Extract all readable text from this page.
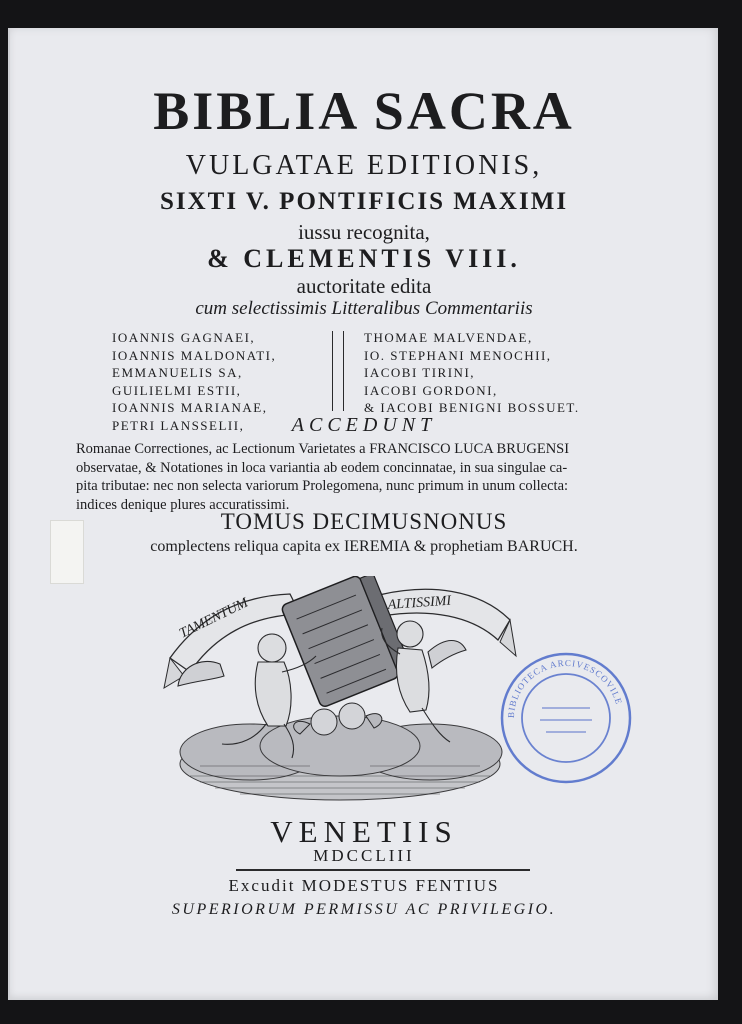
BIBLIA SACRA
VULGATAE EDITIONIS,
SIXTI V. PONTIFICIS MAXIMI
iussu recognita,
& CLEMENTIS VIII.
auctoritate edita
cum selectissimis Litteralibus Commentariis
IOANNIS GAGNAEI,
IOANNIS MALDONATI,
EMMANUELIS SA,
GUILIELMI ESTII,
IOANNIS MARIANAE,
PETRI LANSSELII,
THOMAE MALVENDAE,
IO. STEPHANI MENOCHII,
IACOBI TIRINI,
IACOBI GORDONI,
& IACOBI BENIGNI BOSSUET.
ACCEDUNT
Romanae Correctiones, ac Lectionum Varietates a FRANCISCO LUCA BRUGENSI
observatae, & Notationes in loca variantia ab eodem concinnatae, in sua singulae ca-
pita tributae: nec non selecta variorum Prolegomena, nunc primum in unum collecta:
indices denique plures accuratissimi.
TOMUS DECIMUSNONUS
complectens reliqua capita ex IEREMIA & prophetiam BARUCH.
TAMENTUM	ALTISSIMI
BIBLIOTECA ARCIVESCOVILE
VENETIIS
MDCCLIII
Excudit MODESTUS FENTIUS
SUPERIORUM PERMISSU AC PRIVILEGIO.
